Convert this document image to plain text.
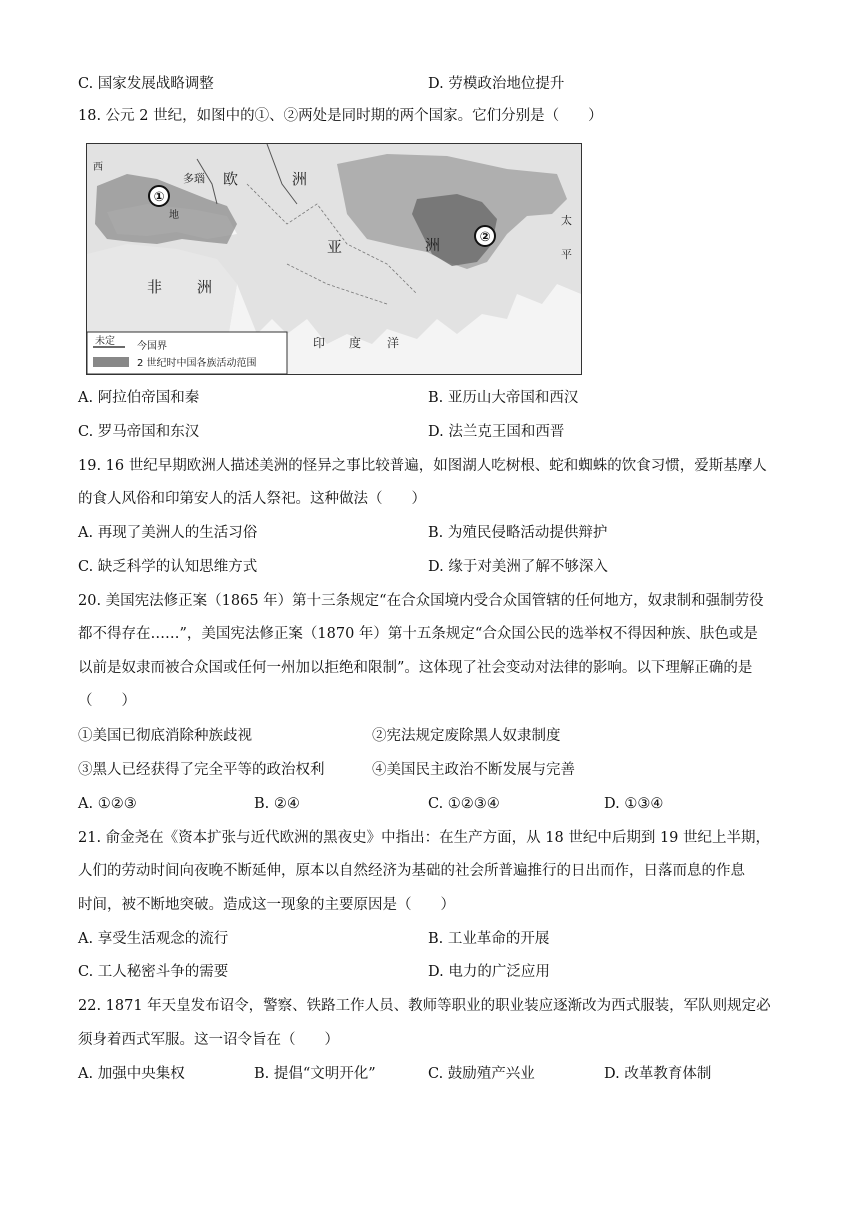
C. 国家发展战略调整	D. 劳模政治地位提升
18. 公元 2 世纪，如图中的①、②两处是同时期的两个国家。它们分别是（　　）
①
②
多瑙 欧	洲
亚	洲
非 洲
印 度 洋
太
平
西
地
未定 今国界
2 世纪时中国各族活动范围
A. 阿拉伯帝国和秦	B. 亚历山大帝国和西汉
C. 罗马帝国和东汉	D. 法兰克王国和西晋
19. 16 世纪早期欧洲人描述美洲的怪异之事比较普遍，如图湖人吃树根、蛇和蜘蛛的饮食习惯，爱斯基摩人
的食人风俗和印第安人的活人祭祀。这种做法（　　）
A. 再现了美洲人的生活习俗	B. 为殖民侵略活动提供辩护
C. 缺乏科学的认知思维方式	D. 缘于对美洲了解不够深入
20. 美国宪法修正案（1865 年）第十三条规定“在合众国境内受合众国管辖的任何地方，奴隶制和强制劳役
都不得存在……”，美国宪法修正案（1870 年）第十五条规定“合众国公民的选举权不得因种族、肤色或是
以前是奴隶而被合众国或任何一州加以拒绝和限制”。这体现了社会变动对法律的影响。以下理解正确的是
（　　）
①美国已彻底消除种族歧视	②宪法规定废除黑人奴隶制度
③黑人已经获得了完全平等的政治权利	④美国民主政治不断发展与完善
A. ①②③	B. ②④	C. ①②③④	D. ①③④
21. 俞金尧在《资本扩张与近代欧洲的黑夜史》中指出：在生产方面，从 18 世纪中后期到 19 世纪上半期，
人们的劳动时间向夜晚不断延伸，原本以自然经济为基础的社会所普遍推行的日出而作，日落而息的作息
时间，被不断地突破。造成这一现象的主要原因是（　　）
A. 享受生活观念的流行	B. 工业革命的开展
C. 工人秘密斗争的需要	D. 电力的广泛应用
22. 1871 年天皇发布诏令，警察、铁路工作人员、教师等职业的职业装应逐渐改为西式服装，军队则规定必
须身着西式军服。这一诏令旨在（　　）
A. 加强中央集权	B. 提倡“文明开化”	C. 鼓励殖产兴业	D. 改革教育体制
